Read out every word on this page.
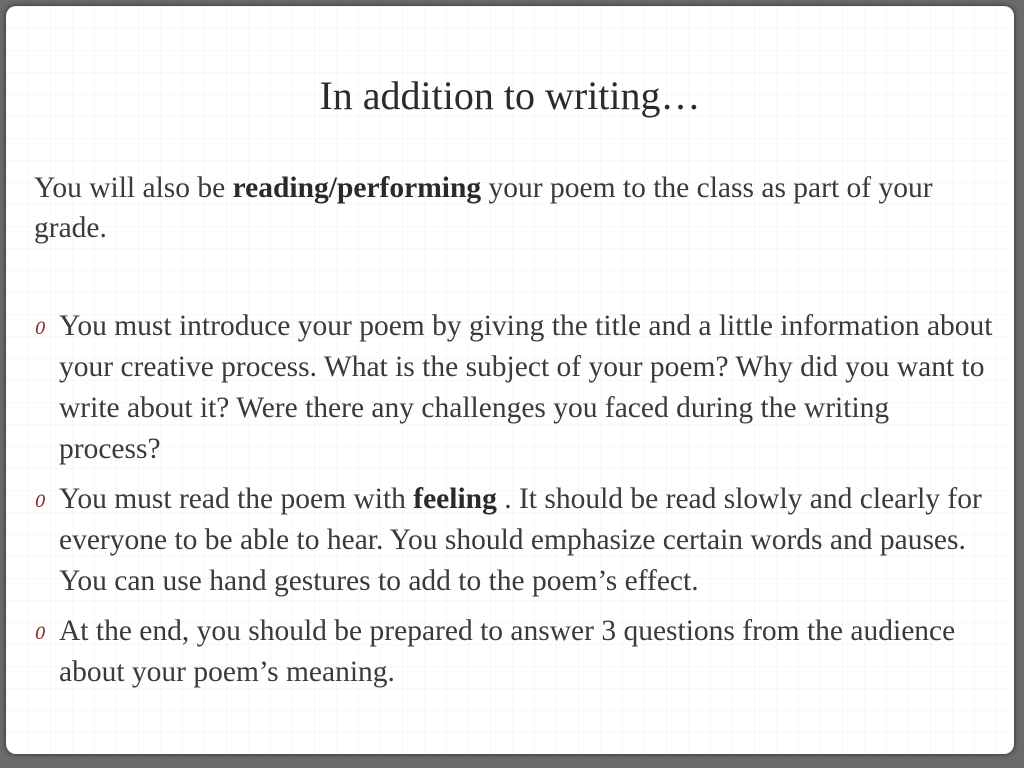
In addition to writing…
You will also be reading/performing your poem to the class as part of your grade.
0 You must introduce your poem by giving the title and a little information about your creative process. What is the subject of your poem? Why did you want to write about it? Were there any challenges you faced during the writing process?
0 You must read the poem with feeling . It should be read slowly and clearly for everyone to be able to hear. You should emphasize certain words and pauses. You can use hand gestures to add to the poem’s effect.
0 At the end, you should be prepared to answer 3 questions from the audience about your poem’s meaning.
